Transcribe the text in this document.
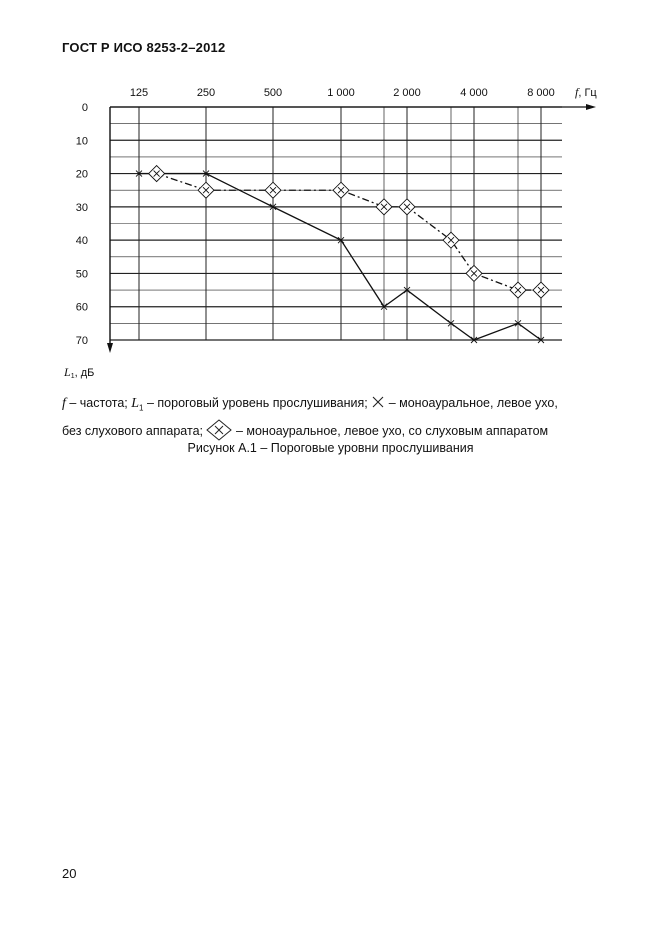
ГОСТ Р ИСО 8253-2–2012
125	250	500	1 000	2 000	4 000	8 000 f, Гц
0
10
20
30
40
50
60
70
L1, дБ
f – частота; $L_1$ – пороговый уровень прослушивания;  – моноауральное, левое ухо,
без слухового аппарата;  – моноауральное, левое ухо, со слуховым аппаратом
Рисунок А.1 – Пороговые уровни прослушивания
20
